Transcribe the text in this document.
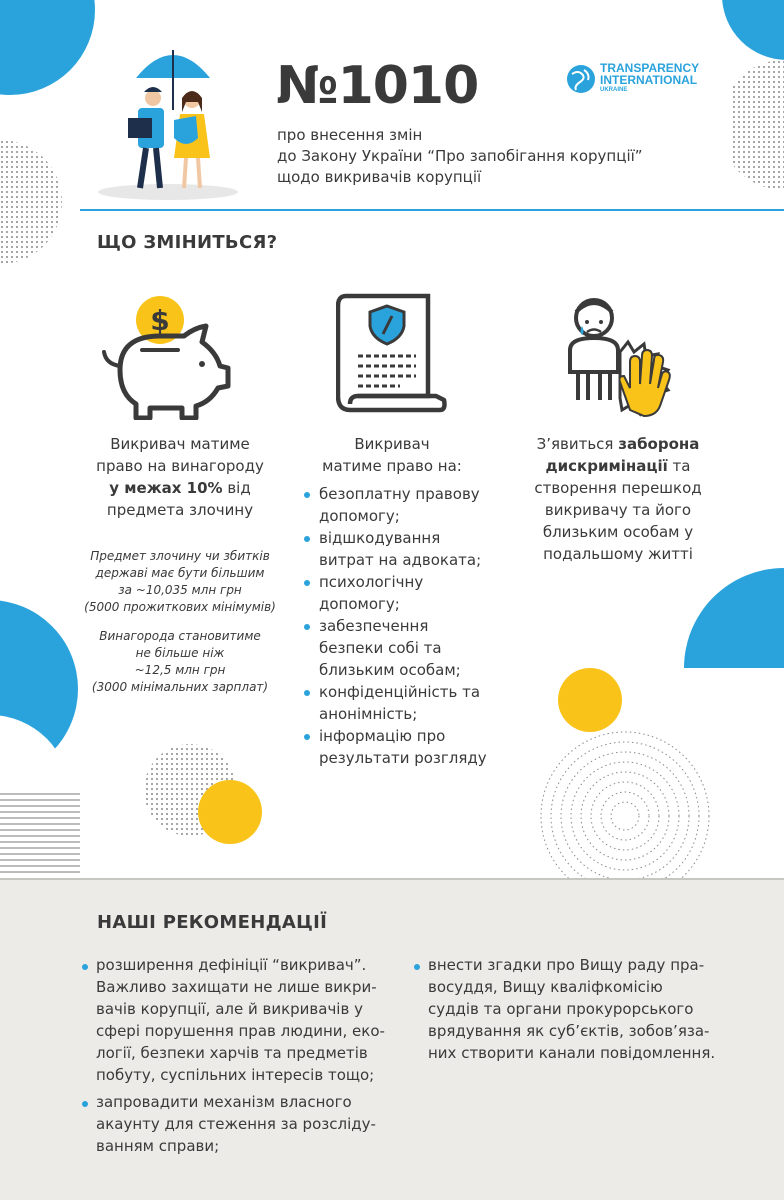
№1010
про внесення змін
до Закону України “Про запобігання корупції”
щодо викривачів корупції
TRANSPARENCY
INTERNATIONAL
UKRAINE
ЩО ЗМІНИТЬСЯ?
$
Викривач матиме
право на винагороду
у межах 10% від
предмета злочину
Предмет злочину чи збитків
державі має бути більшим
за ~10,035 млн грн
(5000 прожиткових мінімумів)
Винагорода становитиме
не більше ніж
~12,5 млн грн
(3000 мінімальних зарплат)
Викривач
матиме право на:
безоплатну правову
допомогу;
відшкодування
витрат на адвоката;
психологічну
допомогу;
забезпечення
безпеки собі та
близьким особам;
конфіденційність та
анонімність;
інформацію про
результати розгляду
З’явиться заборона
дискримінації та
створення перешкод
викривачу та його
близьким особам у
подальшому житті
НАШІ РЕКОМЕНДАЦІЇ
розширення дефініції “викривач”.
Важливо захищати не лише викри-
вачів корупції, але й викривачів у
сфері порушення прав людини, еко-
логії, безпеки харчів та предметів
побуту, суспільних інтересів тощо;
запровадити механізм власного
акаунту для стеження за розсліду-
ванням справи;
внести згадки про Вищу раду пра-
восуддя, Вищу кваліфкомісію
суддів та органи прокурорського
врядування як суб’єктів, зобов’яза-
них створити канали повідомлення.
